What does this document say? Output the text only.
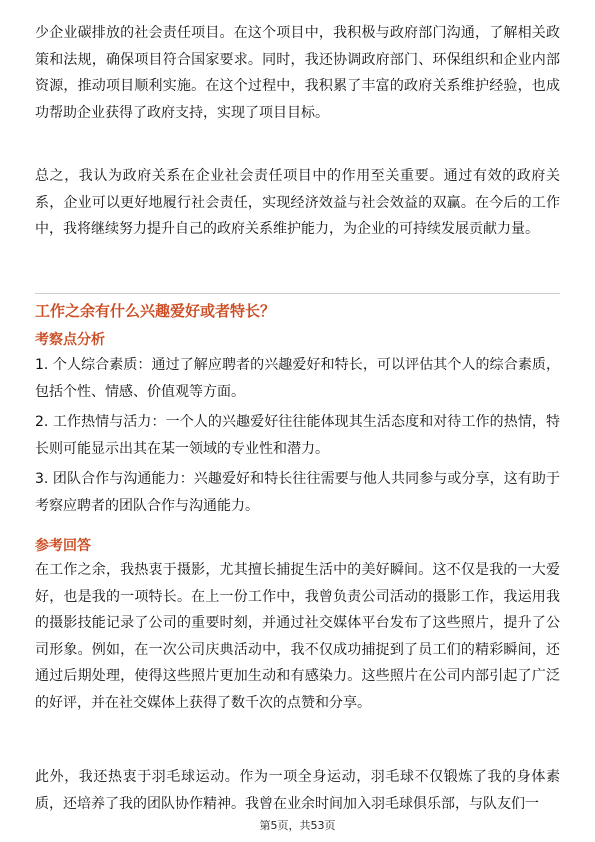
少企业碳排放的社会责任项目。在这个项目中，我积极与政府部门沟通，了解相关政策和法规，确保项目符合国家要求。同时，我还协调政府部门、环保组织和企业内部资源，推动项目顺利实施。在这个过程中，我积累了丰富的政府关系维护经验，也成功帮助企业获得了政府支持，实现了项目目标。

总之，我认为政府关系在企业社会责任项目中的作用至关重要。通过有效的政府关系，企业可以更好地履行社会责任，实现经济效益与社会效益的双赢。在今后的工作中，我将继续努力提升自己的政府关系维护能力，为企业的可持续发展贡献力量。

工作之余有什么兴趣爱好或者特长？
考察点分析

1. 个人综合素质：通过了解应聘者的兴趣爱好和特长，可以评估其个人的综合素质，包括个性、情感、价值观等方面。

2. 工作热情与活力：一个人的兴趣爱好往往能体现其生活态度和对待工作的热情，特长则可能显示出其在某一领域的专业性和潜力。

3. 团队合作与沟通能力：兴趣爱好和特长往往需要与他人共同参与或分享，这有助于考察应聘者的团队合作与沟通能力。

参考回答

在工作之余，我热衷于摄影，尤其擅长捕捉生活中的美好瞬间。这不仅是我的一大爱好，也是我的一项特长。在上一份工作中，我曾负责公司活动的摄影工作，我运用我的摄影技能记录了公司的重要时刻，并通过社交媒体平台发布了这些照片，提升了公司形象。例如，在一次公司庆典活动中，我不仅成功捕捉到了员工们的精彩瞬间，还通过后期处理，使得这些照片更加生动和有感染力。这些照片在公司内部引起了广泛的好评，并在社交媒体上获得了数千次的点赞和分享。

此外，我还热衷于羽毛球运动。作为一项全身运动，羽毛球不仅锻炼了我的身体素质，还培养了我的团队协作精神。我曾在业余时间加入羽毛球俱乐部，与队友们一

第5页，共53页
